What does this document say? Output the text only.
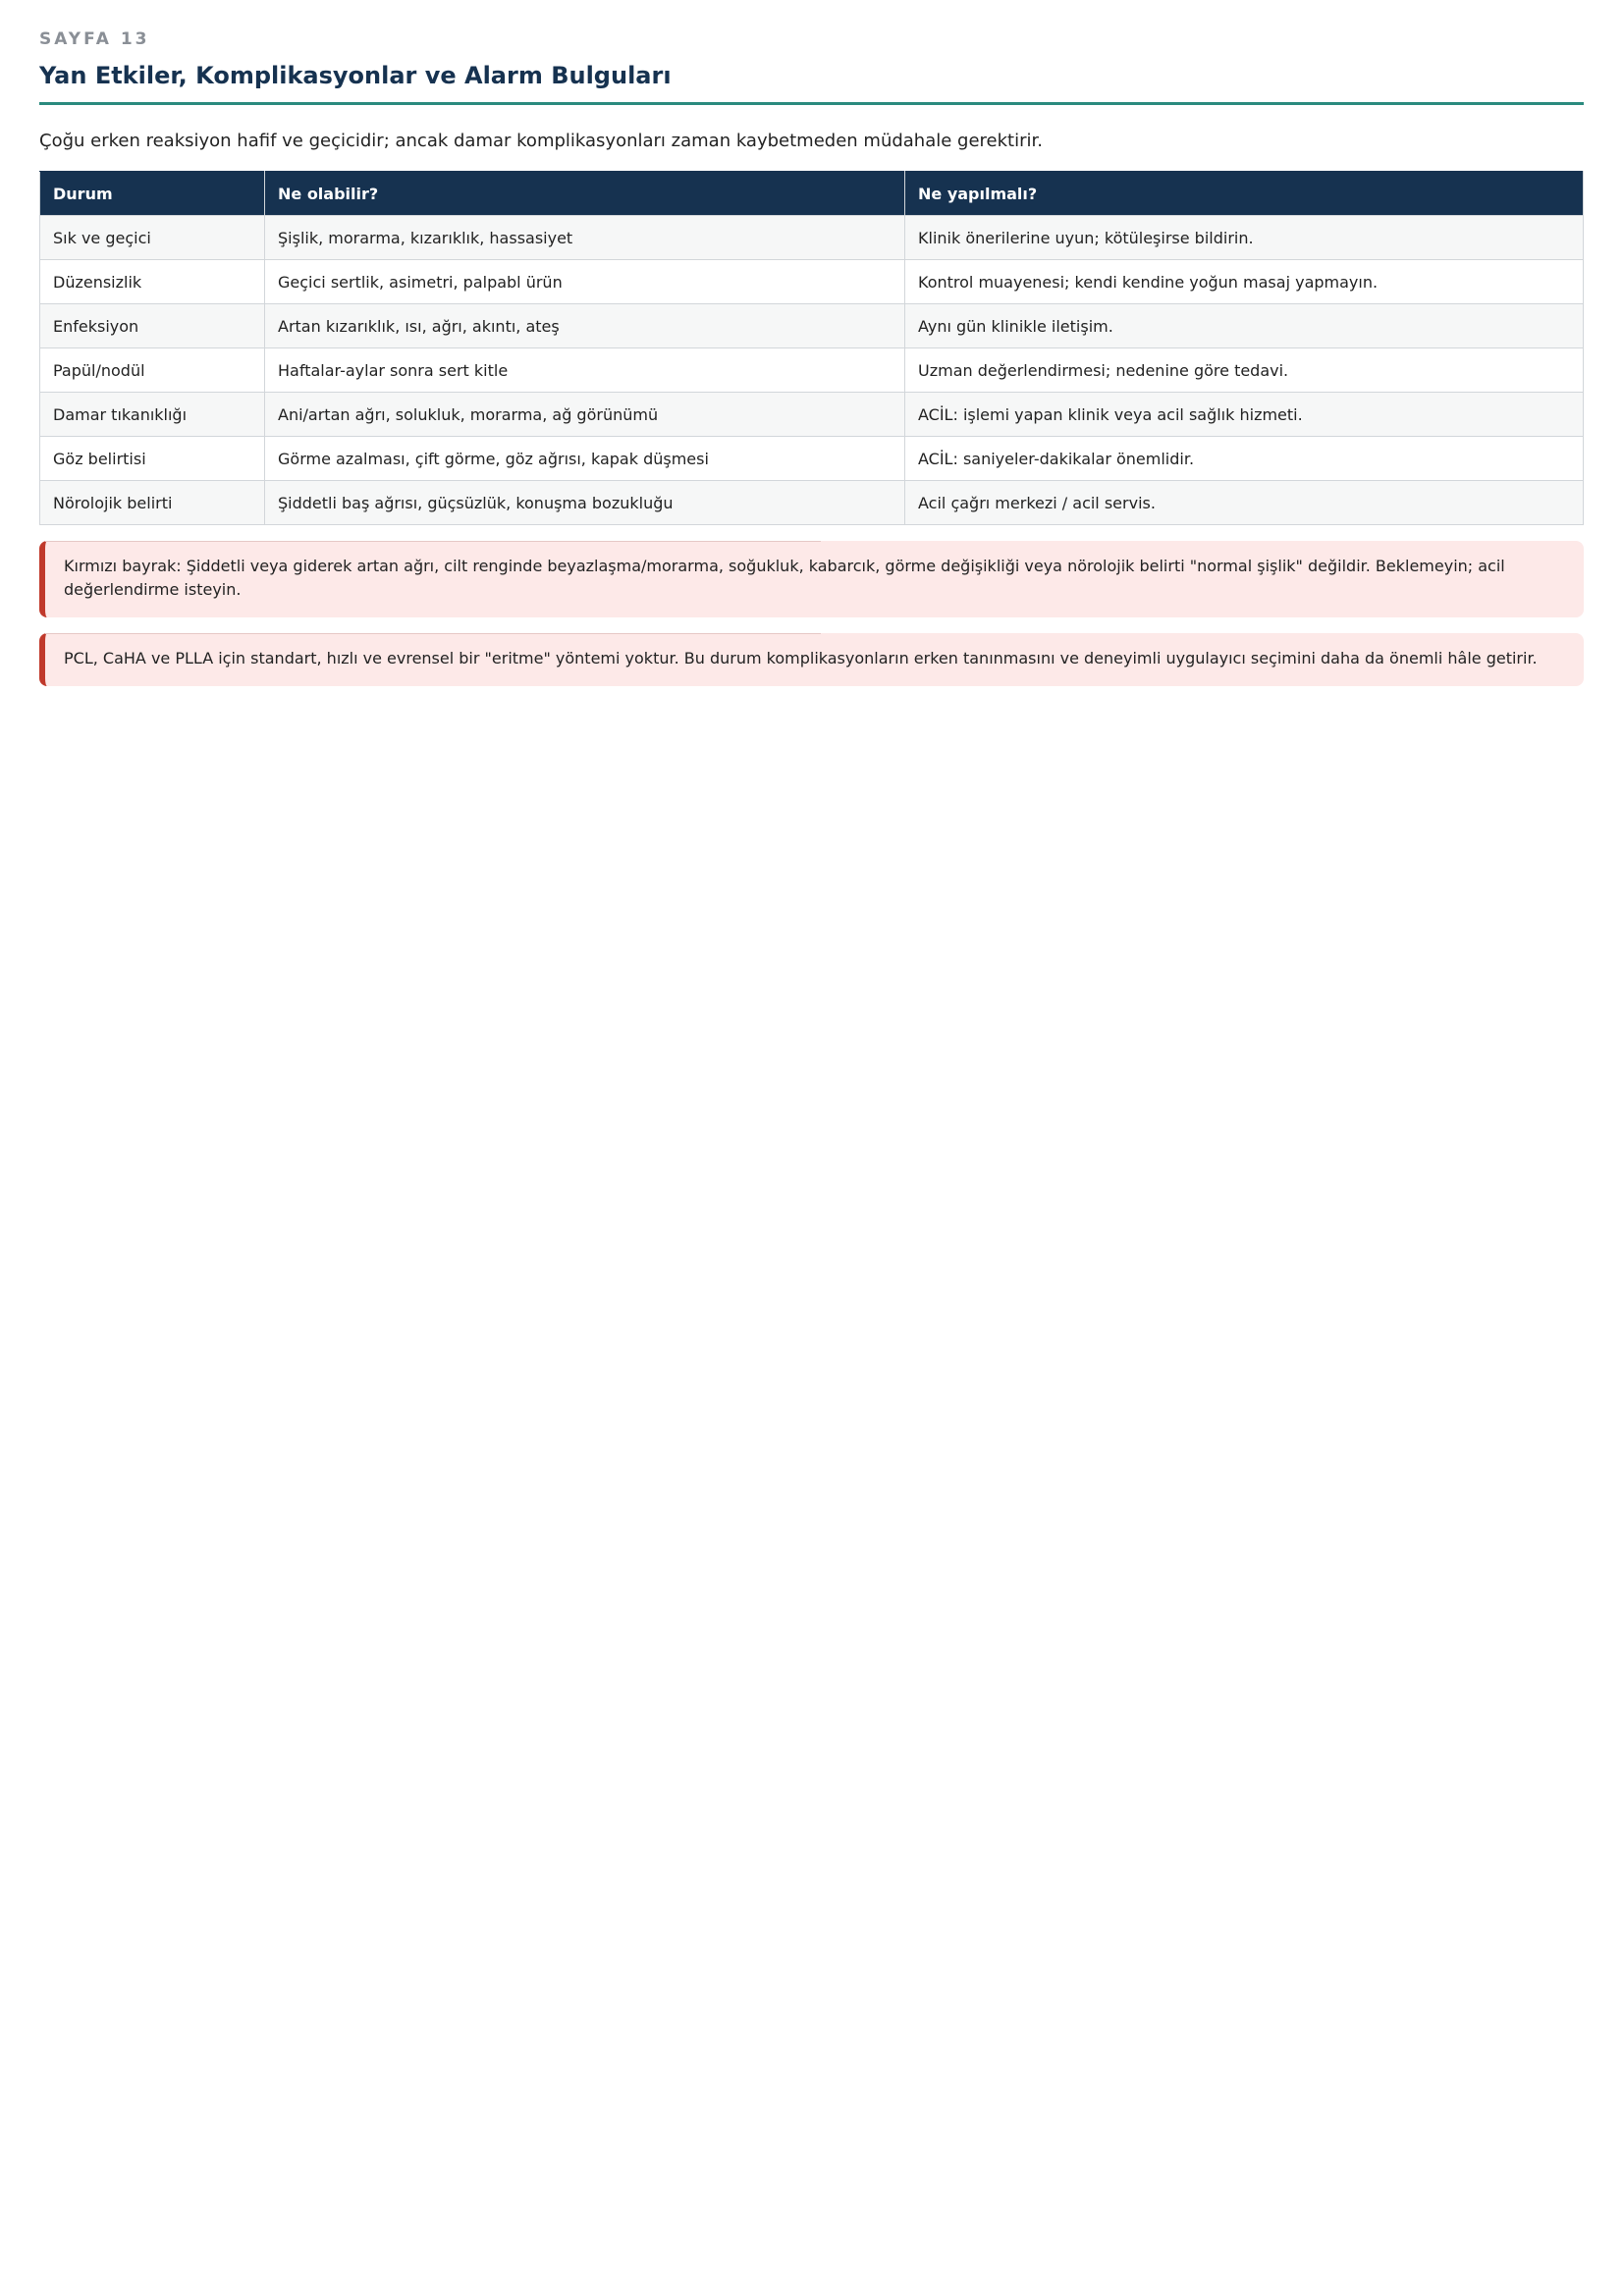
SAYFA 13

Yan Etkiler, Komplikasyonlar ve Alarm Bulguları

Çoğu erken reaksiyon hafif ve geçicidir; ancak damar komplikasyonları zaman kaybetmeden müdahale gerektirir.

Durum	Ne olabilir?	Ne yapılmalı?
Sık ve geçici	Şişlik, morarma, kızarıklık, hassasiyet	Klinik önerilerine uyun; kötüleşirse bildirin.
Düzensizlik	Geçici sertlik, asimetri, palpabl ürün	Kontrol muayenesi; kendi kendine yoğun masaj yapmayın.
Enfeksiyon	Artan kızarıklık, ısı, ağrı, akıntı, ateş	Aynı gün klinikle iletişim.
Papül/nodül	Haftalar-aylar sonra sert kitle	Uzman değerlendirmesi; nedenine göre tedavi.
Damar tıkanıklığı	Ani/artan ağrı, solukluk, morarma, ağ görünümü	ACİL: işlemi yapan klinik veya acil sağlık hizmeti.
Göz belirtisi	Görme azalması, çift görme, göz ağrısı, kapak düşmesi	ACİL: saniyeler-dakikalar önemlidir.
Nörolojik belirti	Şiddetli baş ağrısı, güçsüzlük, konuşma bozukluğu	Acil çağrı merkezi / acil servis.
Kırmızı bayrak: Şiddetli veya giderek artan ağrı, cilt renginde beyazlaşma/morarma, soğukluk, kabarcık, görme değişikliği veya nörolojik belirti "normal şişlik" değildir. Beklemeyin; acil değerlendirme isteyin.
PCL, CaHA ve PLLA için standart, hızlı ve evrensel bir "eritme" yöntemi yoktur. Bu durum komplikasyonların erken tanınmasını ve deneyimli uygulayıcı seçimini daha da önemli hâle getirir.
